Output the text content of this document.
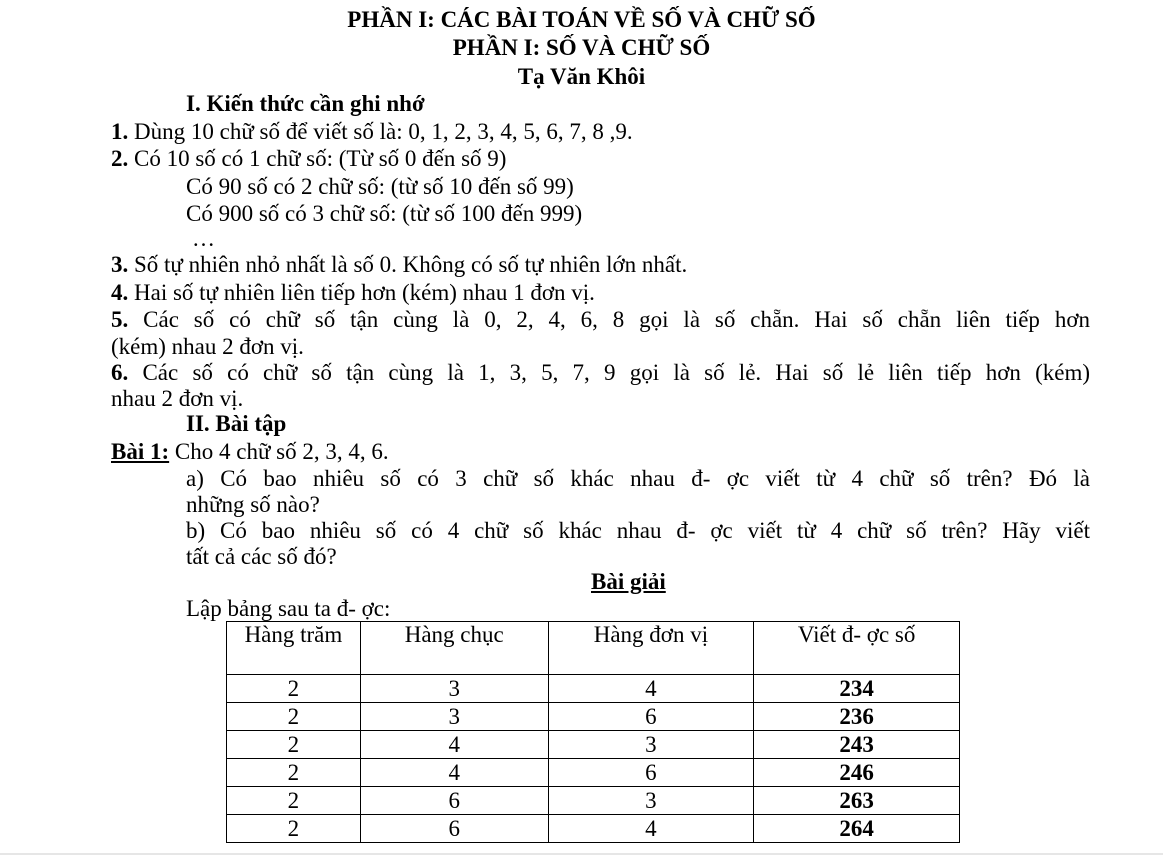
PHẦN I: CÁC BÀI TOÁN VỀ SỐ VÀ CHỮ SỐ
PHẦN I: SỐ VÀ CHỮ SỐ
Tạ Văn Khôi
I. Kiến thức cần ghi nhớ
1. Dùng 10 chữ số để viết số là: 0, 1, 2, 3, 4, 5, 6, 7, 8 ,9.
2. Có 10 số có 1 chữ số: (Từ số 0 đến số 9)
Có 90 số có 2 chữ số: (từ số 10 đến số 99)
Có 900 số có 3 chữ số: (từ số 100 đến 999)
…
3. Số tự nhiên nhỏ nhất là số 0. Không có số tự nhiên lớn nhất.
4. Hai số tự nhiên liên tiếp hơn (kém) nhau 1 đơn vị.
5. Các số có chữ số tận cùng là 0, 2, 4, 6, 8 gọi là số chẵn. Hai số chẵn liên tiếp hơn
(kém) nhau 2 đơn vị.
6. Các số có chữ số tận cùng là 1, 3, 5, 7, 9 gọi là số lẻ. Hai số lẻ liên tiếp hơn (kém)
nhau 2 đơn vị.
II. Bài tập
Bài 1: Cho 4 chữ số 2, 3, 4, 6.
a) Có bao nhiêu số có 3 chữ số khác nhau đ- ợc viết từ 4 chữ số trên? Đó là
những số nào?
b) Có bao nhiêu số có 4 chữ số khác nhau đ- ợc viết từ 4 chữ số trên? Hãy viết
tất cả các số đó?
Bài giải
Lập bảng sau ta đ- ợc:
Hàng trăm	Hàng chục	Hàng đơn vị	Viết đ- ợc số
2	3	4	234
2	3	6	236
2	4	3	243
2	4	6	246
2	6	3	263
2	6	4	264
